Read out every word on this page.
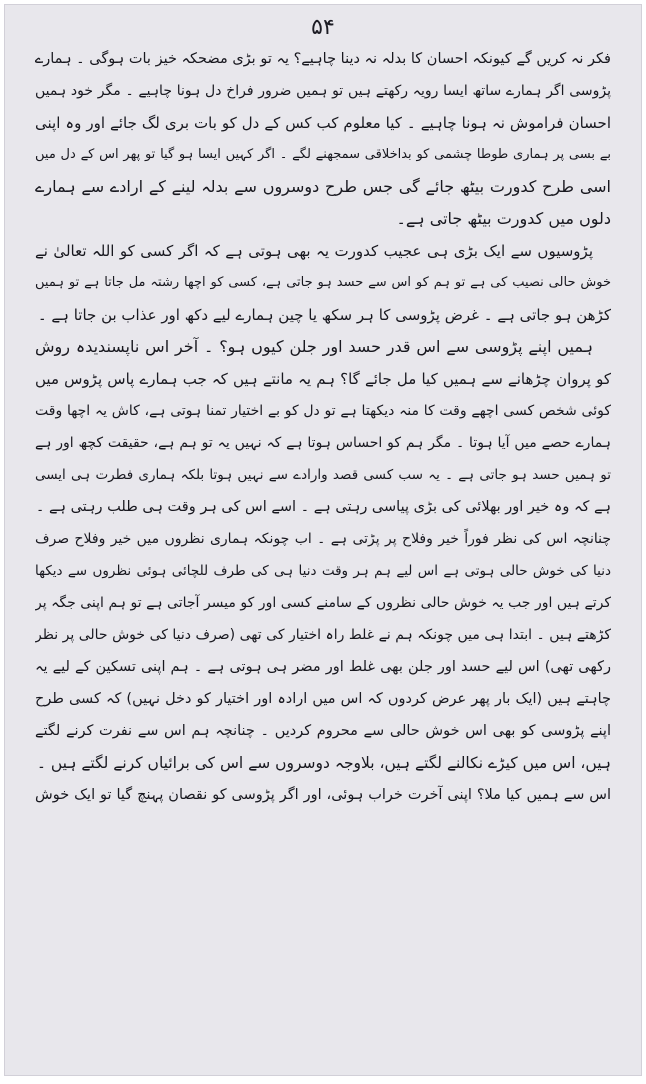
۵۴
فکر نہ کریں گے کیونکہ احسان کا بدلہ نہ دینا چاہیے؟ یہ تو بڑی مضحکہ خیز بات ہوگی ۔ ہمارے
پڑوسی اگر ہمارے ساتھ ایسا رویہ رکھتے ہیں تو ہمیں ضرور فراخ دل ہونا چاہیے ۔ مگر خود ہمیں
احسان فراموش نہ ہونا چاہیے ۔ کیا معلوم کب کس کے دل کو بات بری لگ جائے اور وہ اپنی
بے بسی پر ہماری طوطا چشمی کو بداخلاقی سمجھنے لگے ۔ اگر کہیں ایسا ہو گیا تو پھر اس کے دل میں
اسی طرح کدورت بیٹھ جائے گی جس طرح دوسروں سے بدلہ لینے کے ارادے سے ہمارے
دلوں میں کدورت بیٹھ جاتی ہے۔
پڑوسیوں سے ایک بڑی ہی عجیب کدورت یہ بھی ہوتی ہے کہ اگر کسی کو اللہ تعالیٰ نے
خوش حالی نصیب کی ہے تو ہم کو اس سے حسد ہو جاتی ہے، کسی کو اچھا رشتہ مل جاتا ہے تو ہمیں
کڑھن ہو جاتی ہے ۔ غرض پڑوسی کا ہر سکھ یا چین ہمارے لیے دکھ اور عذاب بن جاتا ہے ۔
ہمیں اپنے پڑوسی سے اس قدر حسد اور جلن کیوں ہو؟ ۔ آخر اس ناپسندیدہ روش
کو پروان چڑھانے سے ہمیں کیا مل جائے گا؟ ہم یہ مانتے ہیں کہ جب ہمارے پاس پڑوس میں
کوئی شخص کسی اچھے وقت کا منہ دیکھتا ہے تو دل کو بے اختیار تمنا ہوتی ہے، کاش یہ اچھا وقت
ہمارے حصے میں آیا ہوتا ۔ مگر ہم کو احساس ہوتا ہے کہ نہیں یہ تو ہم ہے، حقیقت کچھ اور ہے
تو ہمیں حسد ہو جاتی ہے ۔ یہ سب کسی قصد وارادے سے نہیں ہوتا بلکہ ہماری فطرت ہی ایسی
ہے کہ وہ خیر اور بھلائی کی بڑی پیاسی رہتی ہے ۔ اسے اس کی ہر وقت ہی طلب رہتی ہے ۔
چنانچہ اس کی نظر فوراً خیر وفلاح پر پڑتی ہے ۔ اب چونکہ ہماری نظروں میں خیر وفلاح صرف
دنیا کی خوش حالی ہوتی ہے اس لیے ہم ہر وقت دنیا ہی کی طرف للچائی ہوئی نظروں سے دیکھا
کرتے ہیں اور جب یہ خوش حالی نظروں کے سامنے کسی اور کو میسر آجاتی ہے تو ہم اپنی جگہ پر
کڑھتے ہیں ۔ ابتدا ہی میں چونکہ ہم نے غلط راہ اختیار کی تھی (صرف دنیا کی خوش حالی پر نظر
رکھی تھی) اس لیے حسد اور جلن بھی غلط اور مضر ہی ہوتی ہے ۔ ہم اپنی تسکین کے لیے یہ
چاہتے ہیں (ایک بار پھر عرض کردوں کہ اس میں ارادہ اور اختیار کو دخل نہیں) کہ کسی طرح
اپنے پڑوسی کو بھی اس خوش حالی سے محروم کردیں ۔ چنانچہ ہم اس سے نفرت کرنے لگتے
ہیں، اس میں کیڑے نکالنے لگتے ہیں، بلاوجہ دوسروں سے اس کی برائیاں کرنے لگتے ہیں ۔
اس سے ہمیں کیا ملا؟ اپنی آخرت خراب ہوئی، اور اگر پڑوسی کو نقصان پہنچ گیا تو ایک خوش
